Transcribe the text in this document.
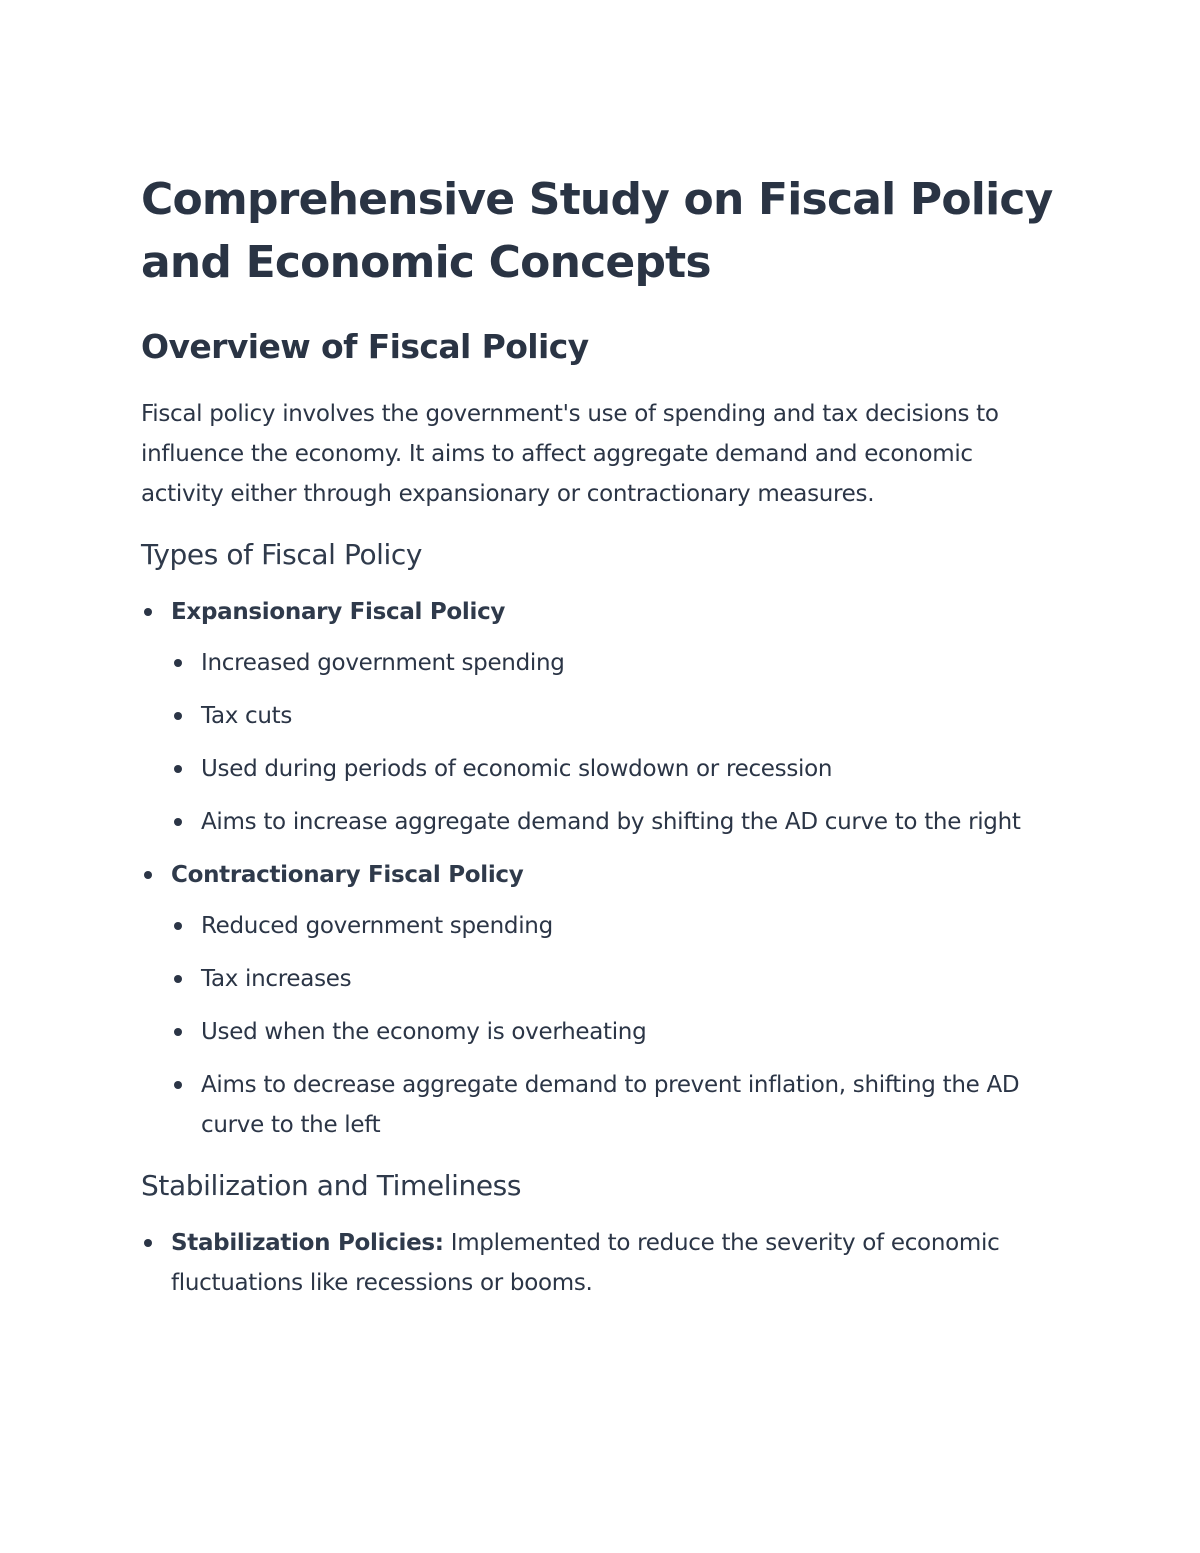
Comprehensive Study on Fiscal Policy and Economic Concepts
Overview of Fiscal Policy

Fiscal policy involves the government's use of spending and tax decisions to influence the economy. It aims to affect aggregate demand and economic activity either through expansionary or contractionary measures.

Types of Fiscal Policy
Expansionary Fiscal Policy
Increased government spending
Tax cuts
Used during periods of economic slowdown or recession
Aims to increase aggregate demand by shifting the AD curve to the right
Contractionary Fiscal Policy
Reduced government spending
Tax increases
Used when the economy is overheating
Aims to decrease aggregate demand to prevent inflation, shifting the AD curve to the left
Stabilization and Timeliness
Stabilization Policies: Implemented to reduce the severity of economic fluctuations like recessions or booms.
